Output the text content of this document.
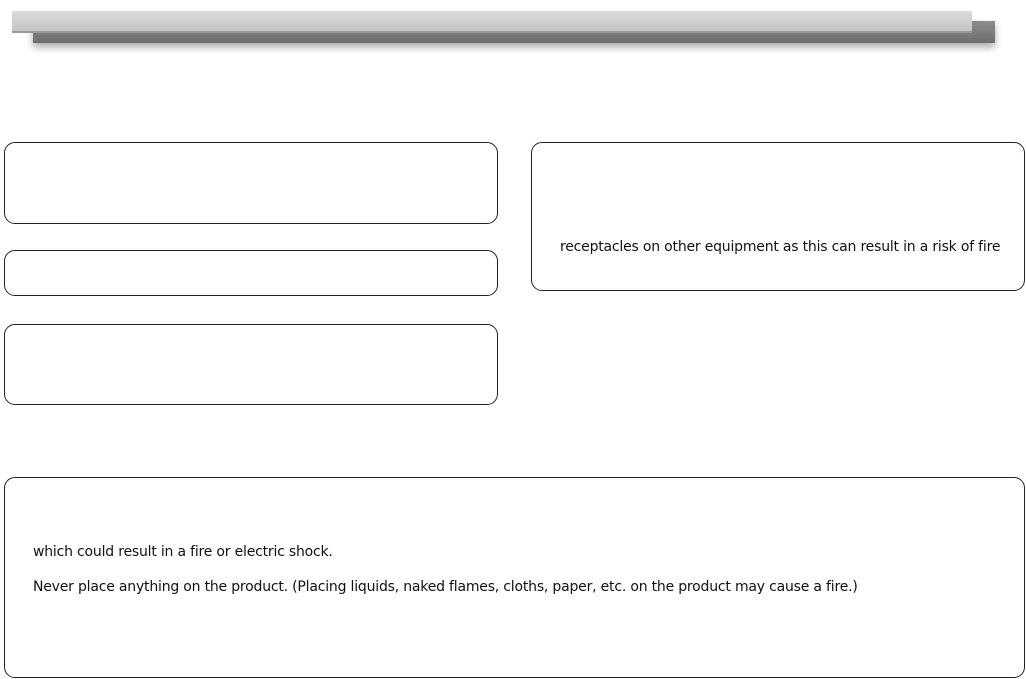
receptacles on other equipment as this can result in a risk of fire
which could result in a fire or electric shock.
Never place anything on the product. (Placing liquids, naked flames, cloths, paper, etc. on the product may cause a fire.)
